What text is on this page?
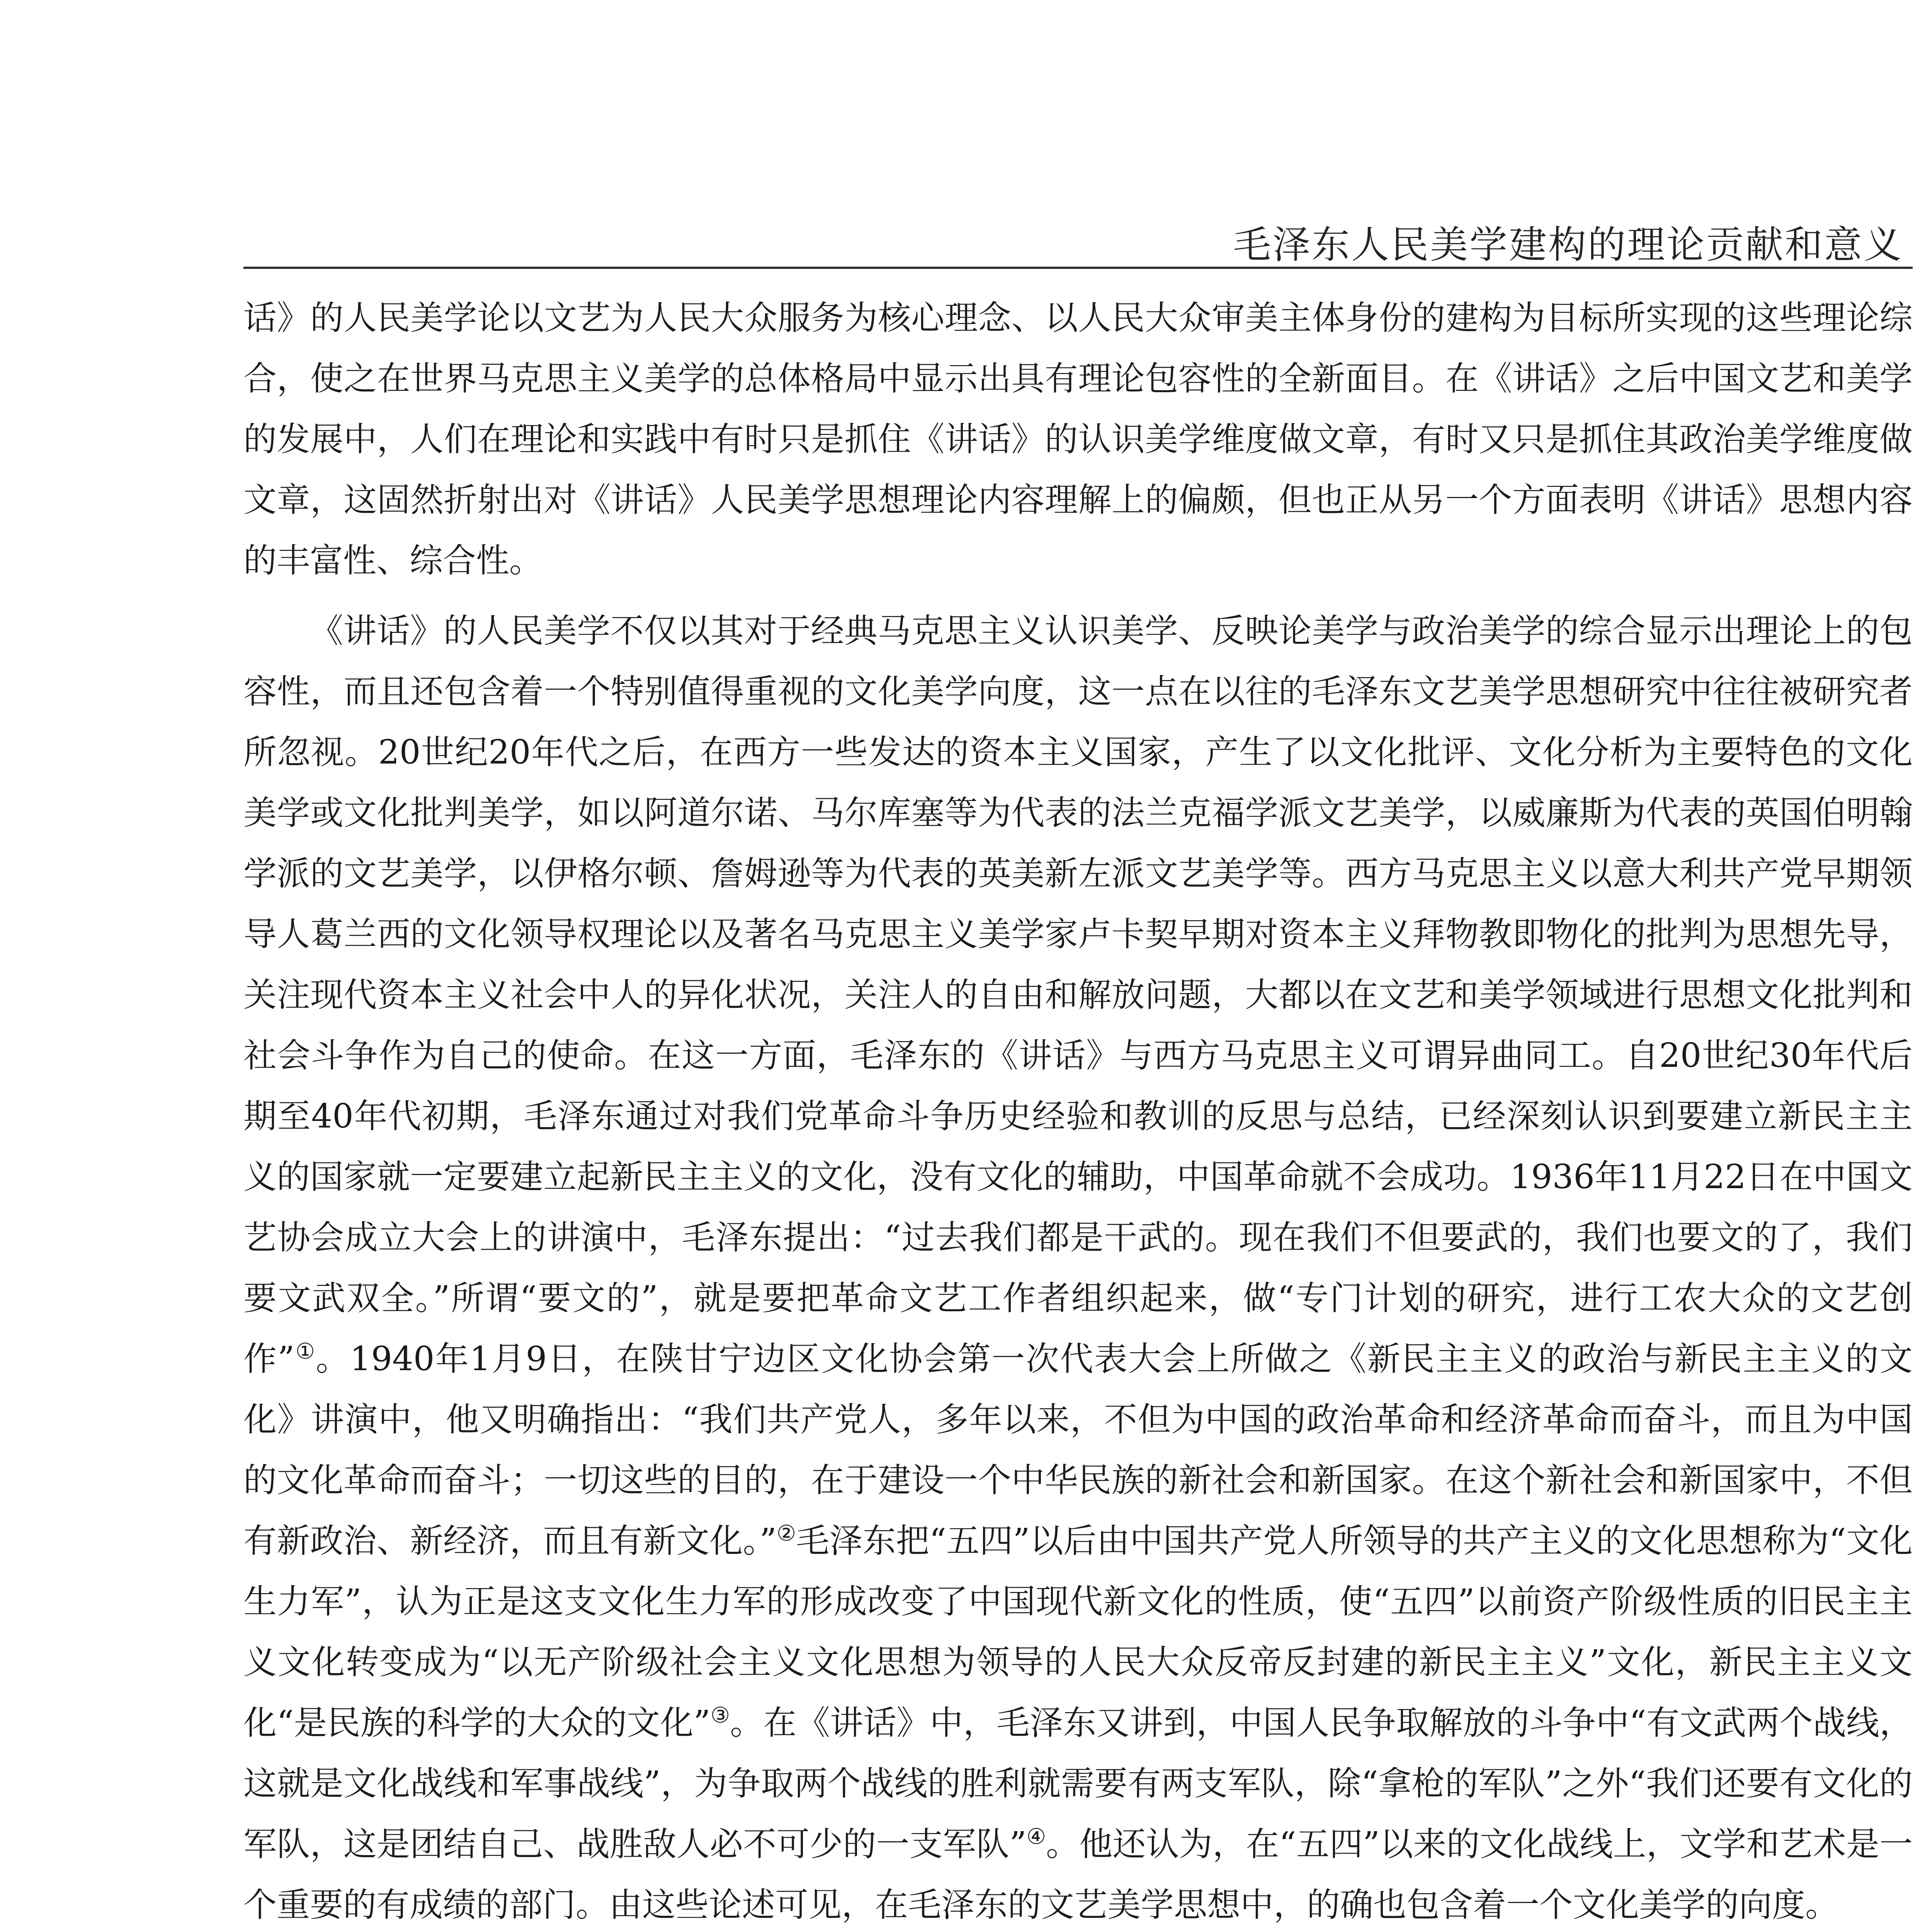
毛泽东人民美学建构的理论贡献和意义

话》的人民美学论以文艺为人民大众服务为核心理念、以人民大众审美主体身份的建构为目标所实现的这些理论综合，使之在世界马克思主义美学的总体格局中显示出具有理论包容性的全新面目。在《讲话》之后中国文艺和美学的发展中，人们在理论和实践中有时只是抓住《讲话》的认识美学维度做文章，有时又只是抓住其政治美学维度做文章，这固然折射出对《讲话》人民美学思想理论内容理解上的偏颇，但也正从另一个方面表明《讲话》思想内容的丰富性、综合性。

《讲话》的人民美学不仅以其对于经典马克思主义认识美学、反映论美学与政治美学的综合显示出理论上的包容性，而且还包含着一个特别值得重视的文化美学向度，这一点在以往的毛泽东文艺美学思想研究中往往被研究者所忽视。20世纪20年代之后，在西方一些发达的资本主义国家，产生了以文化批评、文化分析为主要特色的文化美学或文化批判美学，如以阿道尔诺、马尔库塞等为代表的法兰克福学派文艺美学，以威廉斯为代表的英国伯明翰学派的文艺美学，以伊格尔顿、詹姆逊等为代表的英美新左派文艺美学等。西方马克思主义以意大利共产党早期领导人葛兰西的文化领导权理论以及著名马克思主义美学家卢卡契早期对资本主义拜物教即物化的批判为思想先导，关注现代资本主义社会中人的异化状况，关注人的自由和解放问题，大都以在文艺和美学领域进行思想文化批判和社会斗争作为自己的使命。在这一方面，毛泽东的《讲话》与西方马克思主义可谓异曲同工。自20世纪30年代后期至40年代初期，毛泽东通过对我们党革命斗争历史经验和教训的反思与总结，已经深刻认识到要建立新民主主义的国家就一定要建立起新民主主义的文化，没有文化的辅助，中国革命就不会成功。1936年11月22日在中国文艺协会成立大会上的讲演中，毛泽东提出：“过去我们都是干武的。现在我们不但要武的，我们也要文的了，我们要文武双全。”所谓“要文的”，就是要把革命文艺工作者组织起来，做“专门计划的研究，进行工农大众的文艺创作”①。1940年1月9日，在陕甘宁边区文化协会第一次代表大会上所做之《新民主主义的政治与新民主主义的文化》讲演中，他又明确指出：“我们共产党人，多年以来，不但为中国的政治革命和经济革命而奋斗，而且为中国的文化革命而奋斗；一切这些的目的，在于建设一个中华民族的新社会和新国家。在这个新社会和新国家中，不但有新政治、新经济，而且有新文化。”②毛泽东把“五四”以后由中国共产党人所领导的共产主义的文化思想称为“文化生力军”，认为正是这支文化生力军的形成改变了中国现代新文化的性质，使“五四”以前资产阶级性质的旧民主主义文化转变成为“以无产阶级社会主义文化思想为领导的人民大众反帝反封建的新民主主义”文化，新民主主义文化“是民族的科学的大众的文化”③。在《讲话》中，毛泽东又讲到，中国人民争取解放的斗争中“有文武两个战线，这就是文化战线和军事战线”，为争取两个战线的胜利就需要有两支军队，除“拿枪的军队”之外“我们还要有文化的军队，这是团结自己、战胜敌人必不可少的一支军队”④。他还认为，在“五四”以来的文化战线上，文学和艺术是一个重要的有成绩的部门。由这些论述可见，在毛泽东的文艺美学思想中，的确也包含着一个文化美学的向度。
